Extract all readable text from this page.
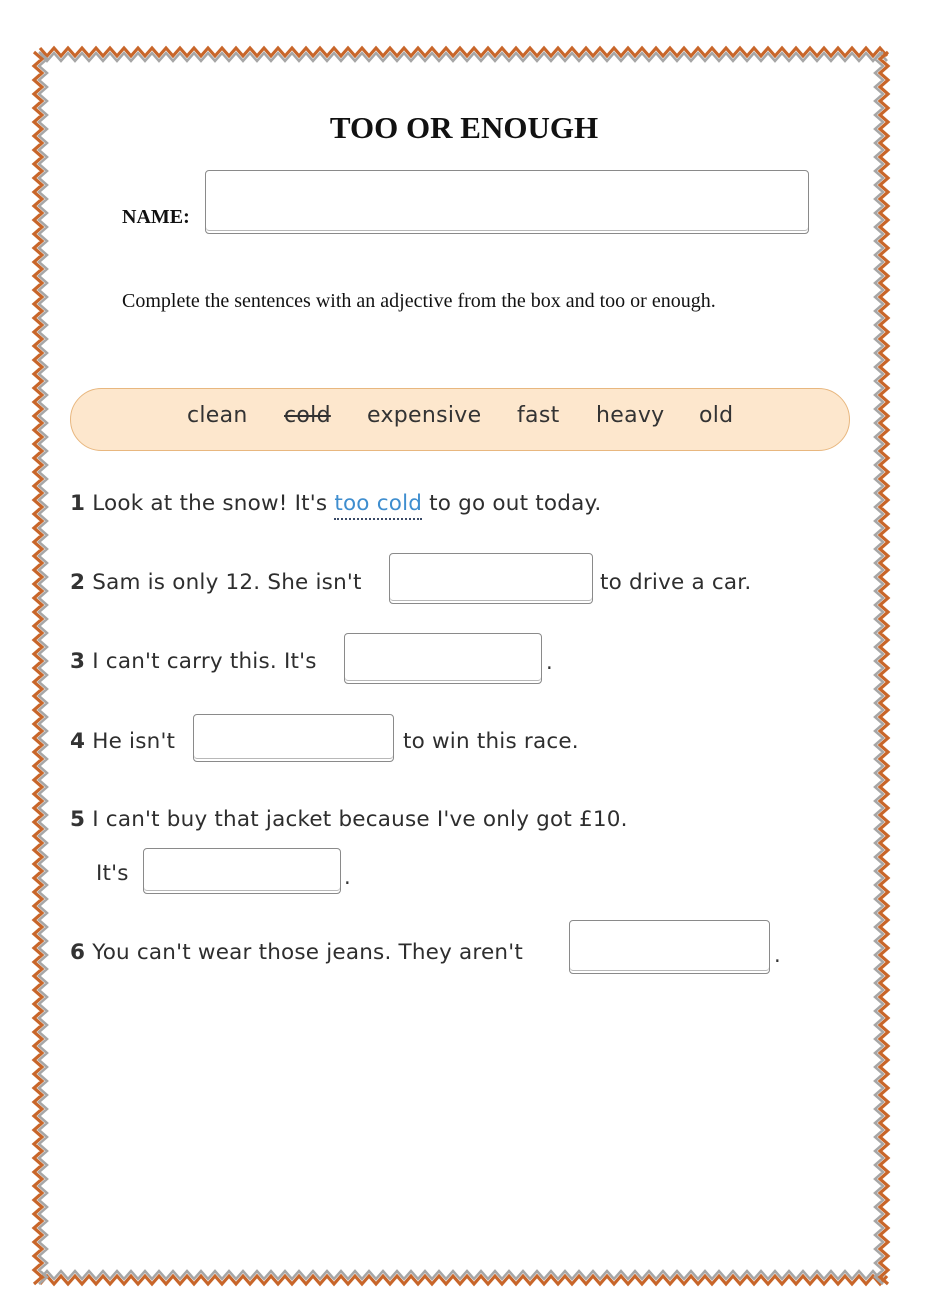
TOO OR ENOUGH
NAME:
Complete the sentences with an adjective from the box and too or enough.
clean cold expensive fast heavy old
1 Look at the snow! It's too cold to go out today.
2 Sam is only 12. She isn't	to drive a car.
3 I can't carry this. It's	.
4 He isn't	to win this race.
5 I can't buy that jacket because I've only got £10.
It's	.
6 You can't wear those jeans. They aren't	.
